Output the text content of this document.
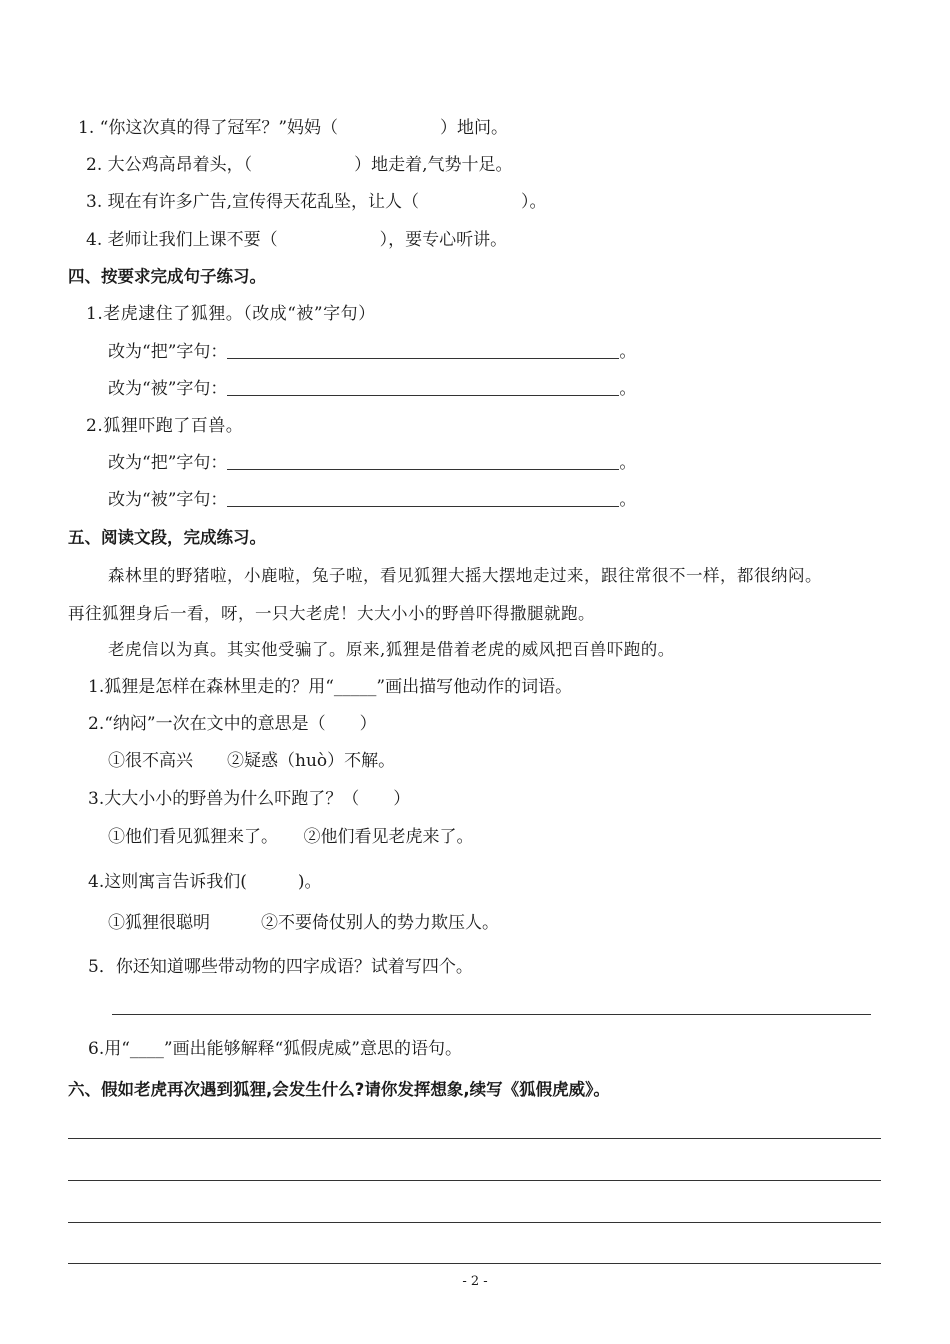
1. “你这次真的得了冠军？”妈妈（　　　　　　）地问。
2. 大公鸡高昂着头，（　　　　　　）地走着,气势十足。
3. 现在有许多广告,宣传得天花乱坠，让人（　　　　　　）。
4. 老师让我们上课不要（　　　　　　），要专心听讲。
四、按要求完成句子练习。
1.老虎逮住了狐狸。（改成“被”字句）
改为“把”字句：	。
改为“被”字句：	。
2.狐狸吓跑了百兽。
改为“把”字句：	。
改为“被”字句：	。
五、阅读文段，完成练习。
森林里的野猪啦，小鹿啦，兔子啦，看见狐狸大摇大摆地走过来，跟往常很不一样，都很纳闷。
再往狐狸身后一看，呀，一只大老虎！大大小小的野兽吓得撒腿就跑。
老虎信以为真。其实他受骗了。原来,狐狸是借着老虎的威风把百兽吓跑的。
1.狐狸是怎样在森林里走的？用“_____”画出描写他动作的词语。
2.“纳闷”一次在文中的意思是（　　）
①很不高兴　　②疑惑（huò）不解。
3.大大小小的野兽为什么吓跑了？（　　）
①他们看见狐狸来了。　　②他们看见老虎来了。
4.这则寓言告诉我们(　　　)。
①狐狸很聪明　　　②不要倚仗别人的势力欺压人。
5．你还知道哪些带动物的四字成语？试着写四个。
6.用“____”画出能够解释“狐假虎威”意思的语句。
六、假如老虎再次遇到狐狸,会发生什么?请你发挥想象,续写《狐假虎威》。
- 2 -
